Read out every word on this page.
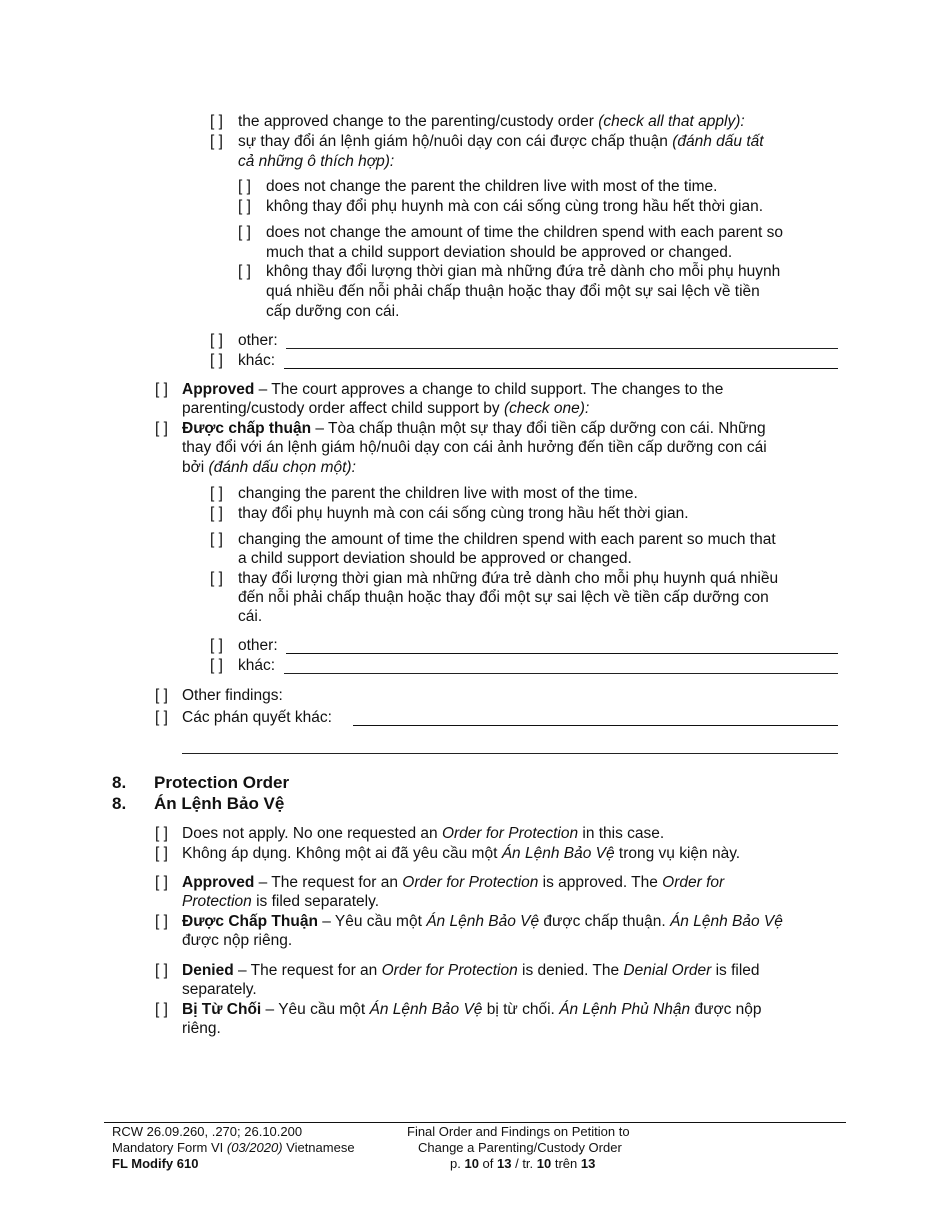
[ ] the approved change to the parenting/custody order (check all that apply):
[ ] sự thay đổi án lệnh giám hộ/nuôi dạy con cái được chấp thuận (đánh dấu tất
cả những ô thích hợp):
[ ] does not change the parent the children live with most of the time.
[ ] không thay đổi phụ huynh mà con cái sống cùng trong hầu hết thời gian.
[ ] does not change the amount of time the children spend with each parent so
much that a child support deviation should be approved or changed.
[ ] không thay đổi lượng thời gian mà những đứa trẻ dành cho mỗi phụ huynh
quá nhiều đến nỗi phải chấp thuận hoặc thay đổi một sự sai lệch về tiền
cấp dưỡng con cái.
[ ] other:
[ ] khác:
[ ] Approved – The court approves a change to child support. The changes to the
parenting/custody order affect child support by (check one):
[ ] Được chấp thuận – Tòa chấp thuận một sự thay đổi tiền cấp dưỡng con cái. Những
thay đổi với án lệnh giám hộ/nuôi dạy con cái ảnh hưởng đến tiền cấp dưỡng con cái
bởi (đánh dấu chọn một):
[ ] changing the parent the children live with most of the time.
[ ] thay đổi phụ huynh mà con cái sống cùng trong hầu hết thời gian.
[ ] changing the amount of time the children spend with each parent so much that
a child support deviation should be approved or changed.
[ ] thay đổi lượng thời gian mà những đứa trẻ dành cho mỗi phụ huynh quá nhiều
đến nỗi phải chấp thuận hoặc thay đổi một sự sai lệch về tiền cấp dưỡng con
cái.
[ ] other:
[ ] khác:
[ ] Other findings:
[ ] Các phán quyết khác:
8. Protection Order
8. Án Lệnh Bảo Vệ
[ ] Does not apply. No one requested an Order for Protection in this case.
[ ] Không áp dụng. Không một ai đã yêu cầu một Án Lệnh Bảo Vệ trong vụ kiện này.
[ ] Approved – The request for an Order for Protection is approved. The Order for
Protection is filed separately.
[ ] Được Chấp Thuận – Yêu cầu một Án Lệnh Bảo Vệ được chấp thuận. Án Lệnh Bảo Vệ
được nộp riêng.
[ ] Denied – The request for an Order for Protection is denied. The Denial Order is filed
separately.
[ ] Bị Từ Chối – Yêu cầu một Án Lệnh Bảo Vệ bị từ chối. Án Lệnh Phủ Nhận được nộp
riêng.
RCW 26.09.260, .270; 26.10.200
Mandatory Form VI (03/2020) Vietnamese
FL Modify 610
Final Order and Findings on Petition to
Change a Parenting/Custody Order
p. 10 of 13 / tr. 10 trên 13
